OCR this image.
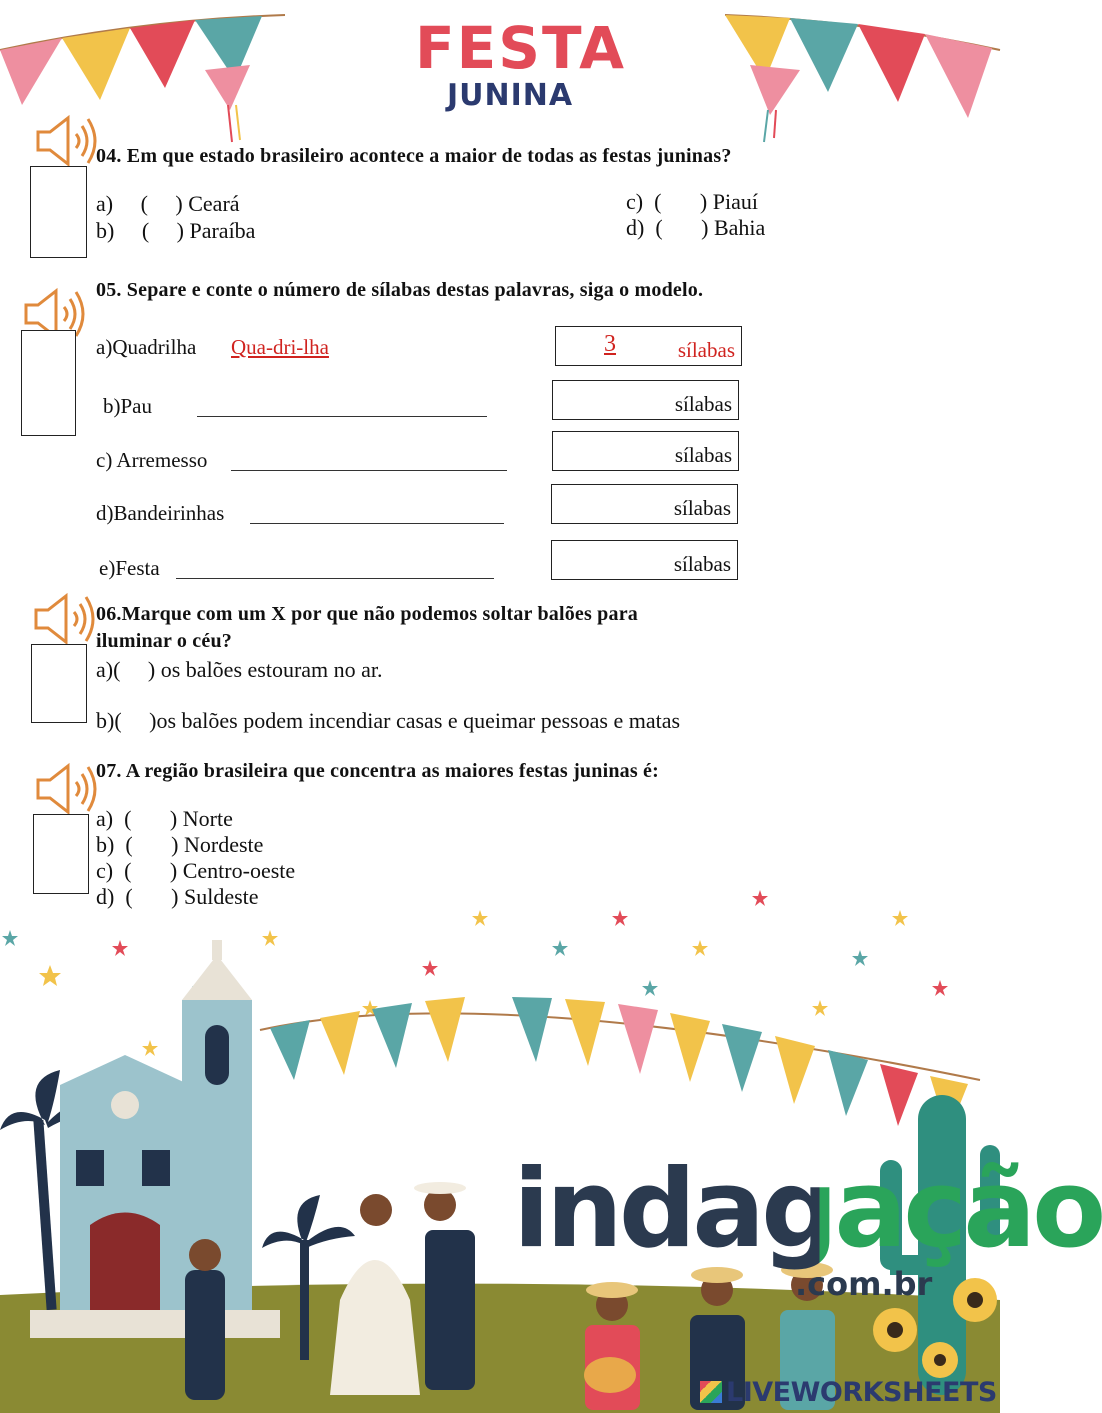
FESTA
JUNINA
04. Em que estado brasileiro acontece a maior de todas as festas juninas?
a)     (     ) Ceará
b)     (     ) Paraíba
c)  (       ) Piauí
d)  (       ) Bahia
05. Separe e conte o número de sílabas destas palavras, siga o modelo.
a)Quadrilha Qua-dri-lha	3	sílabas
b)Pau	sílabas
c) Arremesso	sílabas
d)Bandeirinhas	sílabas
e)Festa	sílabas
06.Marque com um X por que não podemos soltar balões para
iluminar o céu?
a)(     ) os balões estouram no ar.
b)(     )os balões podem incendiar casas e queimar pessoas e matas
07. A região brasileira que concentra as maiores festas juninas é:
a)  (       ) Norte
b)  (       ) Nordeste
c)  (       ) Centro-oeste
d)  (       ) Suldeste
indagação
.com.br
LIVEWORKSHEETS
